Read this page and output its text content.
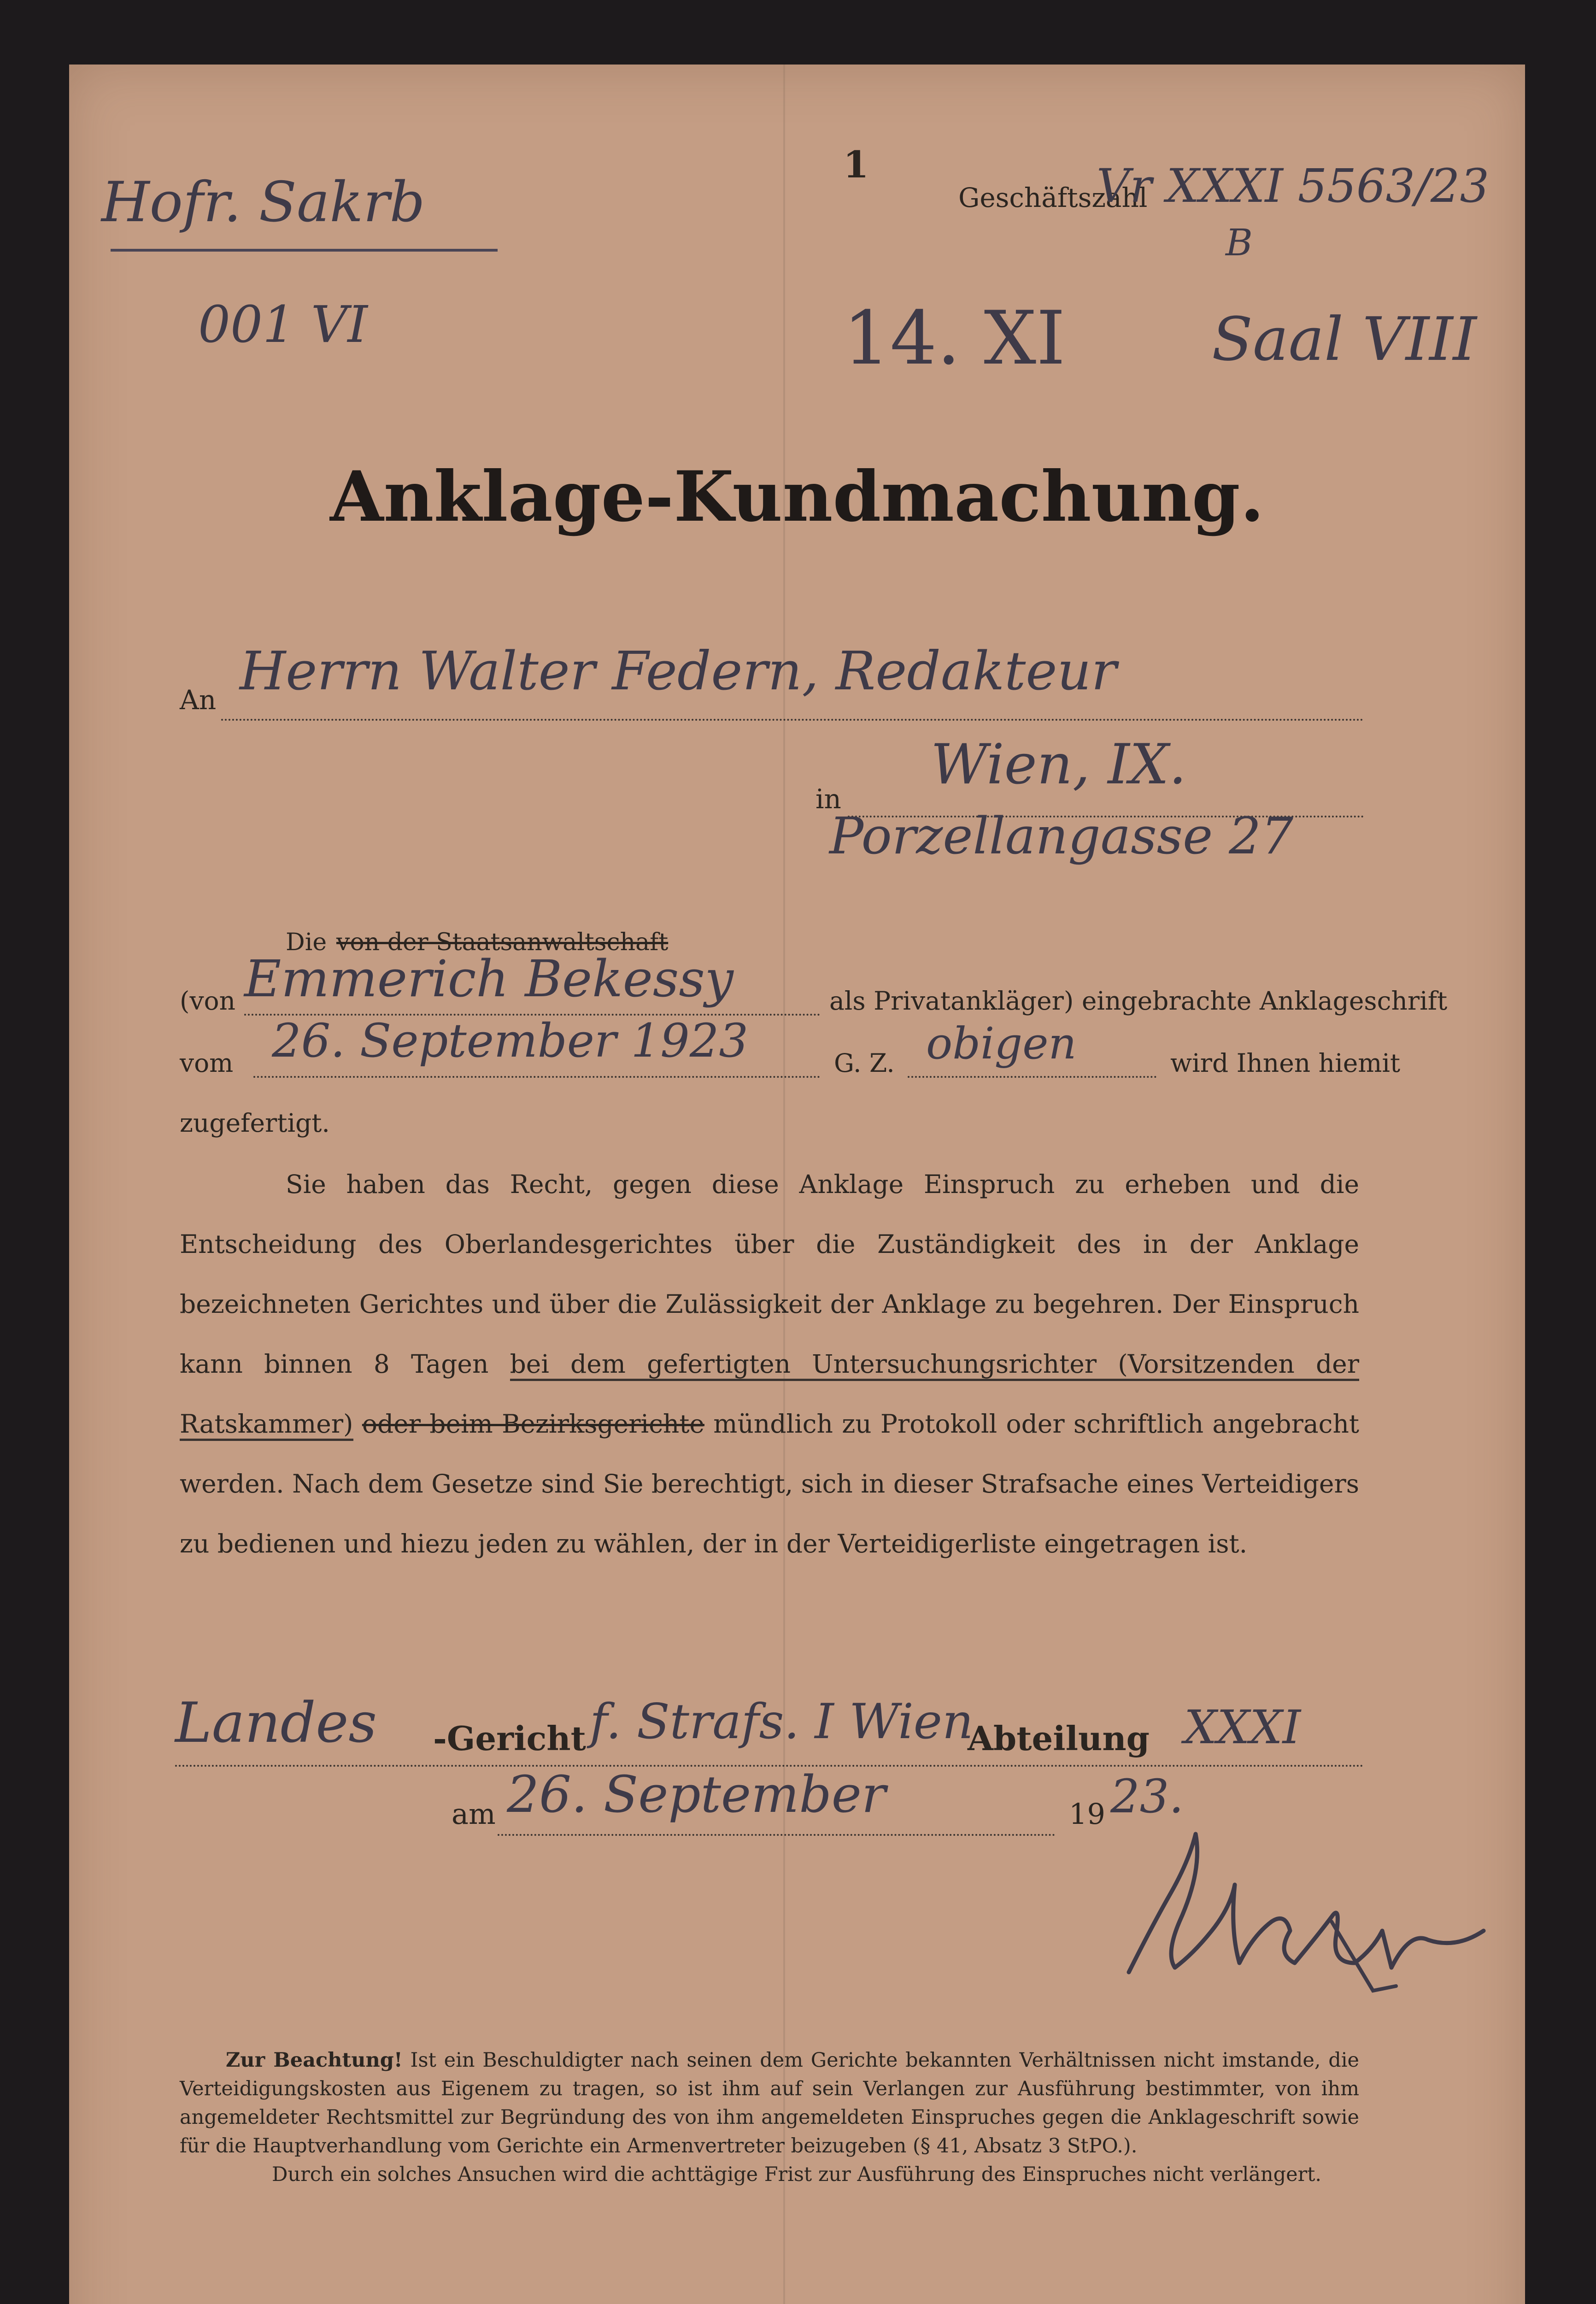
Hofr. Sakrb
001 VI
1
Geschäftszahl
Vr XXXI 5563/23
B
14. XI Saal VIII
Anklage-Kundmachung.
An Herrn Walter Federn, Redakteur
in
Wien, IX.
Porzellangasse 27
Die von der Staatsanwaltschaft
(von Emmerich Bekessy	als Privatankläger) eingebrachte Anklageschrift
vom 26. September 1923	G. Z. obigen	wird Ihnen hiemit
zugefertigt.

Sie haben das Recht, gegen diese Anklage Einspruch zu erheben und die Entscheidung des Oberlandesgerichtes über die Zuständigkeit des in der Anklage bezeichneten Gerichtes und über die Zulässigkeit der Anklage zu begehren. Der Einspruch kann binnen 8 Tagen bei dem gefertigten Untersuchungsrichter (Vorsitzenden der Ratskammer) oder beim Bezirksgerichte mündlich zu Protokoll oder schriftlich angebracht werden. Nach dem Gesetze sind Sie berechtigt, sich in dieser Strafsache eines Verteidigers zu bedienen und hiezu jeden zu wählen, der in der Verteidigerliste eingetragen ist.

Landes -Gericht f. Strafs. I Wien
Abteilung XXXI
am 26. September	19 23.

Zur Beachtung! Ist ein Beschuldigter nach seinen dem Gerichte bekannten Verhältnissen nicht imstande, die Verteidigungskosten aus Eigenem zu tragen, so ist ihm auf sein Verlangen zur Ausführung bestimmter, von ihm angemeldeter Rechtsmittel zur Begründung des von ihm angemeldeten Einspruches gegen die Anklageschrift sowie für die Hauptverhandlung vom Gerichte ein Armenvertreter beizugeben (§ 41, Absatz 3 StPO.).

Durch ein solches Ansuchen wird die achttägige Frist zur Ausführung des Einspruches nicht verlängert.
